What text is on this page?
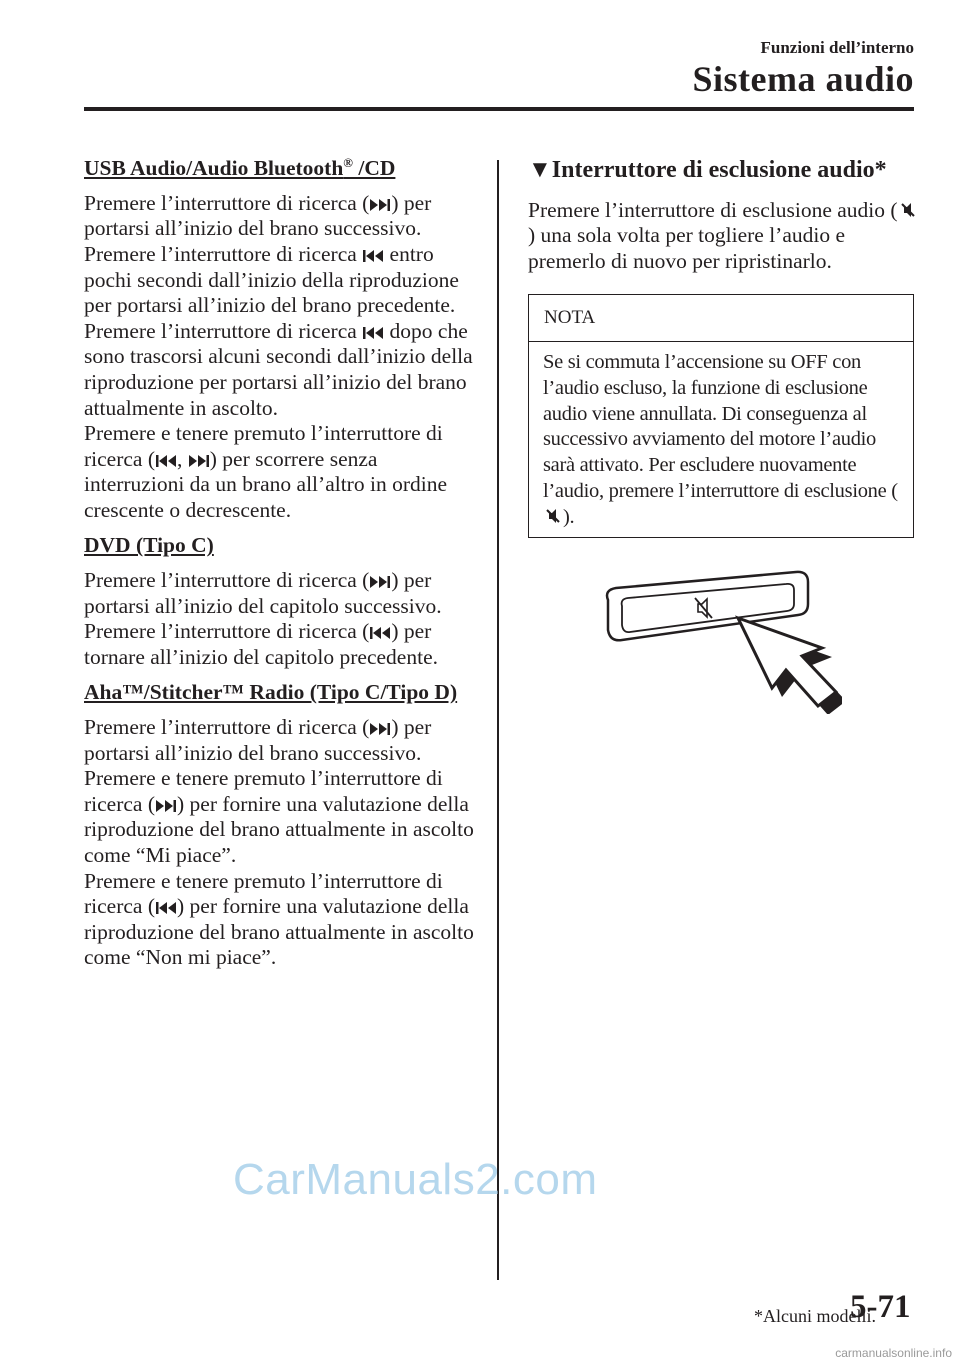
Funzioni dell’interno
Sistema audio
USB Audio/Audio Bluetooth® /CD

Premere l’interruttore di ricerca ( ) per portarsi all’inizio del brano successivo.
Premere l’interruttore di ricerca  entro pochi secondi dall’inizio della riproduzione per portarsi all’inizio del brano precedente.
Premere l’interruttore di ricerca  dopo che sono trascorsi alcuni secondi dall’inizio della riproduzione per portarsi all’inizio del brano attualmente in ascolto.
Premere e tenere premuto l’interruttore di ricerca ( , ) per scorrere senza interruzioni da un brano all’altro in ordine crescente o decrescente.

DVD (Tipo C)

Premere l’interruttore di ricerca ( ) per portarsi all’inizio del capitolo successivo.
Premere l’interruttore di ricerca ( ) per tornare all’inizio del capitolo precedente.

Aha™/Stitcher™ Radio (Tipo C/Tipo D)

Premere l’interruttore di ricerca ( ) per portarsi all’inizio del brano successivo.
Premere e tenere premuto l’interruttore di ricerca ( ) per fornire una valutazione della riproduzione del brano attualmente in ascolto come “Mi piace”.
Premere e tenere premuto l’interruttore di ricerca ( ) per fornire una valutazione della riproduzione del brano attualmente in ascolto come “Non mi piace”.

▼Interruttore di esclusione audio*

Premere l’interruttore di esclusione audio () una sola volta per togliere l’audio e premerlo di nuovo per ripristinarlo.

NOTA
Se si commuta l’accensione su OFF con l’audio escluso, la funzione di esclusione audio viene annullata. Di conseguenza al successivo avviamento del motore l’audio sarà attivato. Per escludere nuovamente l’audio, premere l’interruttore di esclusione ().
CarManuals2.com
*Alcuni modelli.
5-71
carmanualsonline.info
